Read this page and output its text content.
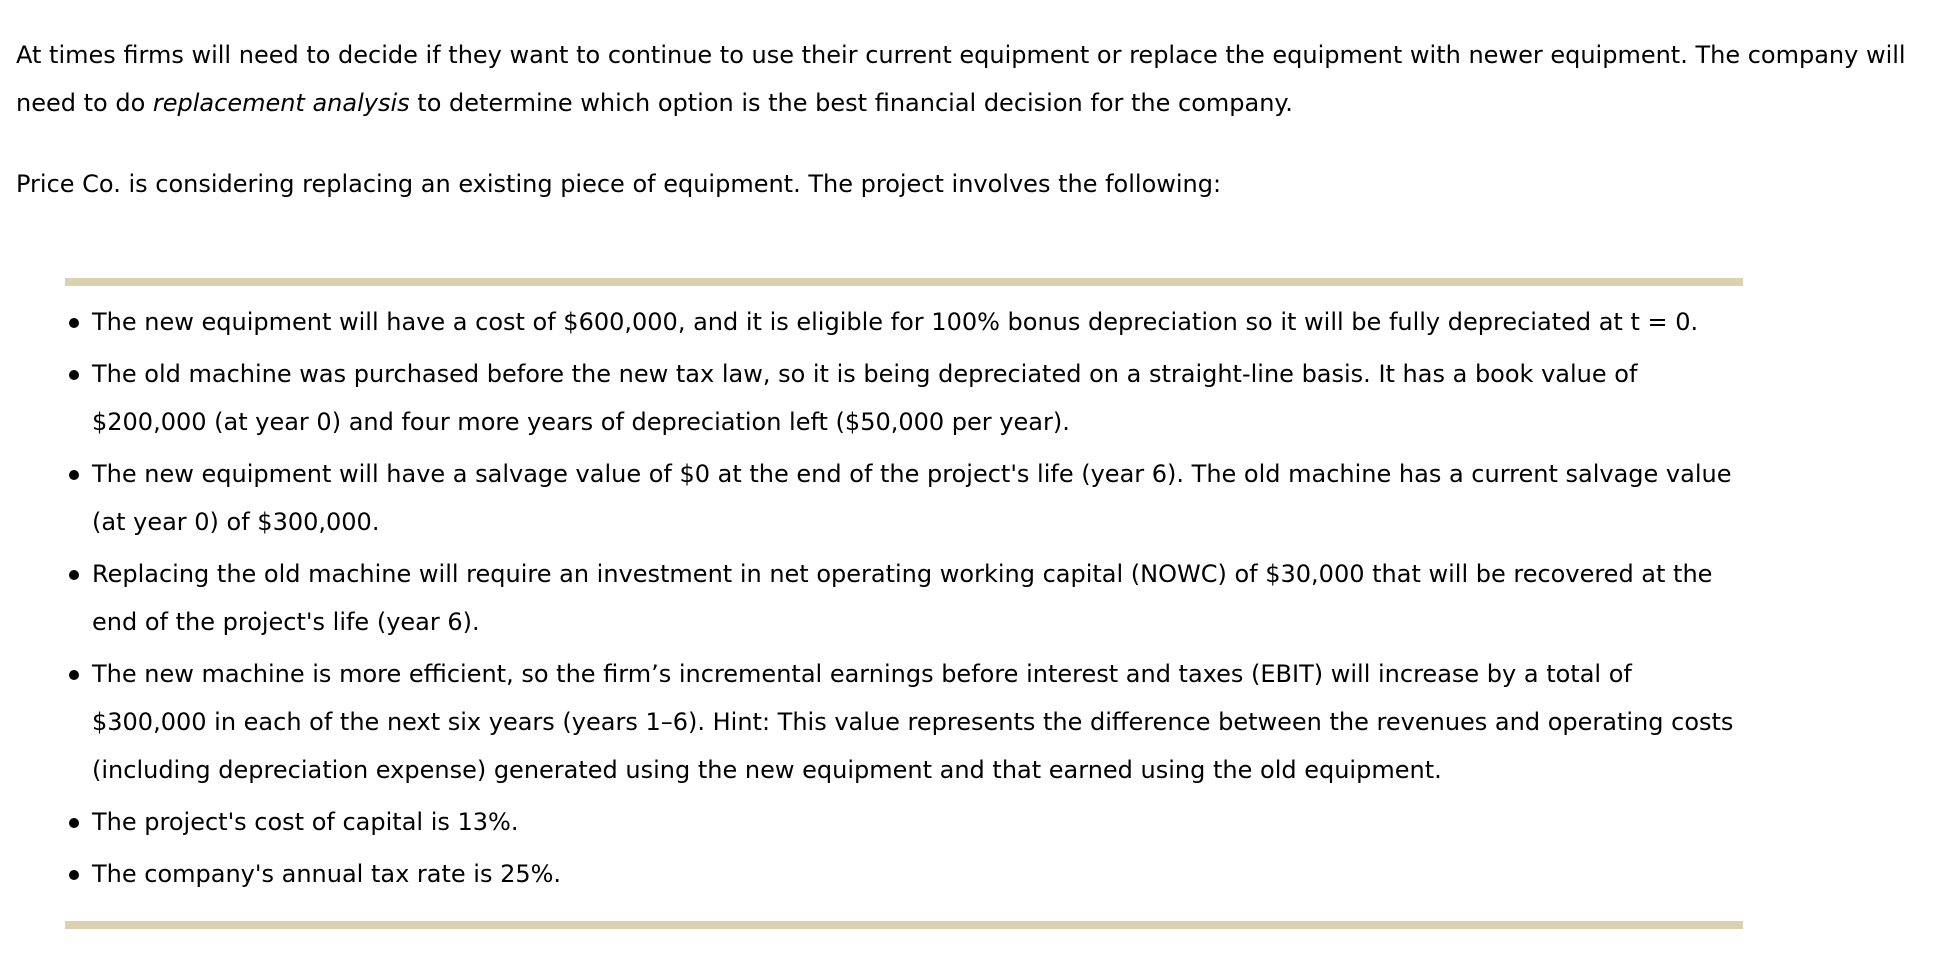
At times firms will need to decide if they want to continue to use their current equipment or replace the equipment with newer equipment. The company will need to do replacement analysis to determine which option is the best financial decision for the company.

Price Co. is considering replacing an existing piece of equipment. The project involves the following:

The new equipment will have a cost of $600,000, and it is eligible for 100% bonus depreciation so it will be fully depreciated at t = 0.
The old machine was purchased before the new tax law, so it is being depreciated on a straight-line basis. It has a book value of $200,000 (at year 0) and four more years of depreciation left ($50,000 per year).
The new equipment will have a salvage value of $0 at the end of the project's life (year 6). The old machine has a current salvage value (at year 0) of $300,000.
Replacing the old machine will require an investment in net operating working capital (NOWC) of $30,000 that will be recovered at the end of the project's life (year 6).
The new machine is more efficient, so the firm’s incremental earnings before interest and taxes (EBIT) will increase by a total of $300,000 in each of the next six years (years 1–6). Hint: This value represents the difference between the revenues and operating costs (including depreciation expense) generated using the new equipment and that earned using the old equipment.
The project's cost of capital is 13%.
The company's annual tax rate is 25%.
